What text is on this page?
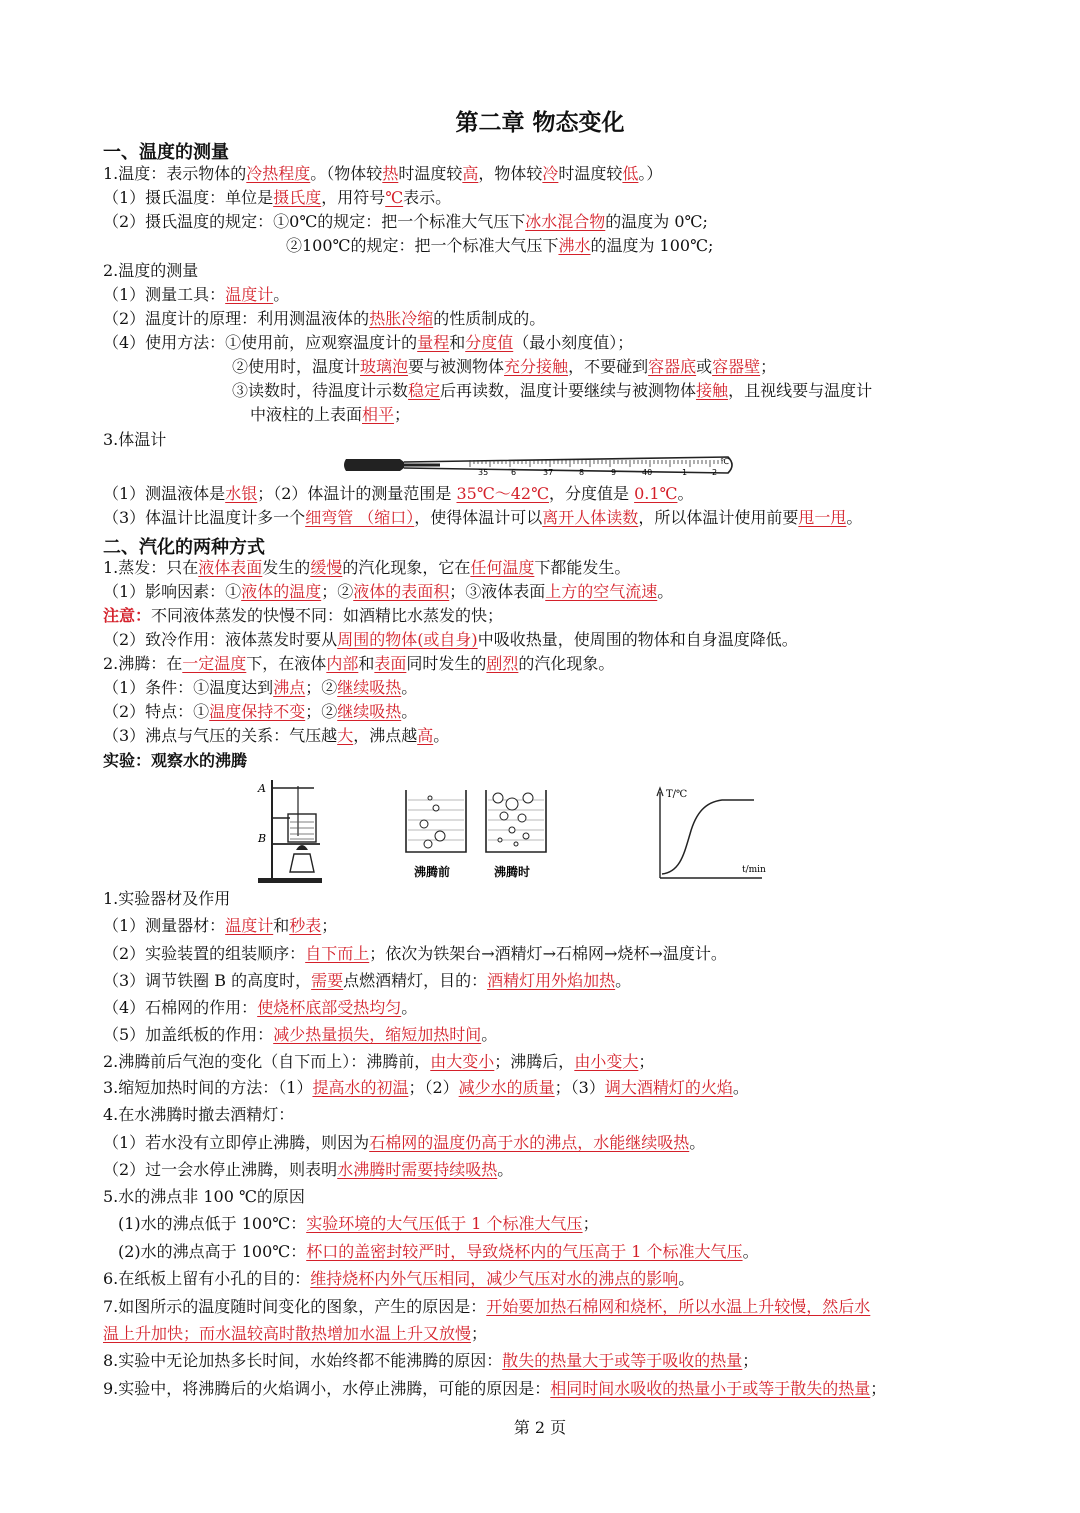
第二章 物态变化
一、温度的测量
1.温度：表示物体的冷热程度。（物体较热时温度较高，物体较冷时温度较低。）
（1）摄氏温度：单位是摄氏度，用符号℃表示。
（2）摄氏温度的规定：①0℃的规定：把一个标准大气压下冰水混合物的温度为 0℃;
②100℃的规定：把一个标准大气压下沸水的温度为 100℃;
2.温度的测量
（1）测量工具：温度计。
（2）温度计的原理：利用测温液体的热胀冷缩的性质制成的。
（4）使用方法：①使用前，应观察温度计的量程和分度值（最小刻度值）；
②使用时，温度计玻璃泡要与被测物体充分接触，不要碰到容器底或容器壁；
③读数时，待温度计示数稳定后再读数，温度计要继续与被测物体接触，且视线要与温度计
中液柱的上表面相平；
3.体温计
35	6	37	8	9	40	1	2
℃
（1）测温液体是水银；（2）体温计的测量范围是 35℃～42℃，分度值是 0.1℃。
（3）体温计比温度计多一个细弯管 （缩口），使得体温计可以离开人体读数，所以体温计使用前要甩一甩。
二、汽化的两种方式
1.蒸发：只在液体表面发生的缓慢的汽化现象，它在任何温度下都能发生。
（1）影响因素：①液体的温度；②液体的表面积；③液体表面上方的空气流速。
注意：不同液体蒸发的快慢不同：如酒精比水蒸发的快；
（2）致冷作用：液体蒸发时要从周围的物体(或自身)中吸收热量，使周围的物体和自身温度降低。
2.沸腾：在一定温度下，在液体内部和表面同时发生的剧烈的汽化现象。
（1）条件：①温度达到沸点；②继续吸热。
（2）特点：①温度保持不变；②继续吸热。
（3）沸点与气压的关系：气压越大，沸点越高。
实验：观察水的沸腾
A
B
沸腾前	沸腾时
T/℃
t/min
1.实验器材及作用
（1）测量器材：温度计和秒表；
（2）实验装置的组装顺序：自下而上；依次为铁架台→酒精灯→石棉网→烧杯→温度计。
（3）调节铁圈 B 的高度时，需要点燃酒精灯，目的：酒精灯用外焰加热。
（4）石棉网的作用：使烧杯底部受热均匀。
（5）加盖纸板的作用：减少热量损失，缩短加热时间。
2.沸腾前后气泡的变化（自下而上）：沸腾前，由大变小；沸腾后，由小变大；
3.缩短加热时间的方法：（1）提高水的初温；（2）减少水的质量；（3）调大酒精灯的火焰。
4.在水沸腾时撤去酒精灯：
（1）若水没有立即停止沸腾，则因为石棉网的温度仍高于水的沸点，水能继续吸热。
（2）过一会水停止沸腾，则表明水沸腾时需要持续吸热。
5.水的沸点非 100 ℃的原因
(1)水的沸点低于 100℃：实验环境的大气压低于 1 个标准大气压；
(2)水的沸点高于 100℃：杯口的盖密封较严时，导致烧杯内的气压高于 1 个标准大气压。
6.在纸板上留有小孔的目的：维持烧杯内外气压相同，减少气压对水的沸点的影响。
7.如图所示的温度随时间变化的图象，产生的原因是：开始要加热石棉网和烧杯，所以水温上升较慢，然后水
温上升加快；而水温较高时散热增加水温上升又放慢；
8.实验中无论加热多长时间，水始终都不能沸腾的原因：散失的热量大于或等于吸收的热量；
9.实验中，将沸腾后的火焰调小，水停止沸腾，可能的原因是：相同时间水吸收的热量小于或等于散失的热量；
第 2 页
